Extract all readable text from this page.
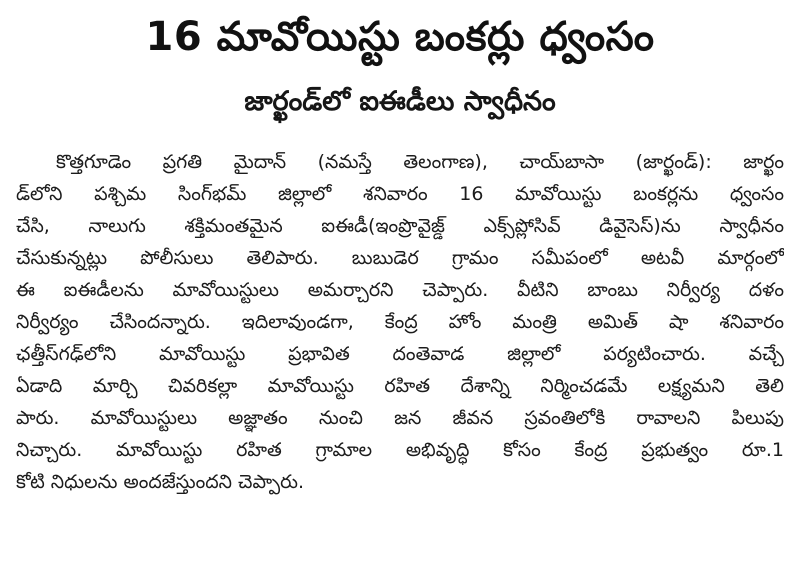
16 మావోయిస్టు బంకర్లు ధ్వంసం
జార్ఖండ్‌లో ఐఈడీలు స్వాధీనం
కొత్తగూడెం ప్రగతి మైదాన్ (నమస్తే తెలంగాణ), చాయ్‌బాసా (జార్ఖండ్): జార్ఖం
డ్‌లోని పశ్చిమ సింగ్‌భమ్ జిల్లాలో శనివారం 16 మావోయిస్టు బంకర్లను ధ్వంసం
చేసి, నాలుగు శక్తిమంతమైన ఐఈడీ(ఇంప్రొవైజ్డ్ ఎక్స్‌ప్లోసివ్ డివైసెస్)ను స్వాధీనం
చేసుకున్నట్లు పోలీసులు తెలిపారు. బుబుడెర గ్రామం సమీపంలో అటవీ మార్గంలో
ఈ ఐఈడీలను మావోయిస్టులు అమర్చారని చెప్పారు. వీటిని బాంబు నిర్వీర్య దళం
నిర్వీర్యం చేసిందన్నారు. ఇదిలావుండగా, కేంద్ర హోం మంత్రి అమిత్ షా శనివారం
ఛత్తీస్‌గఢ్‌లోని మావోయిస్టు ప్రభావిత దంతెవాడ జిల్లాలో పర్యటించారు. వచ్చే
ఏడాది మార్చి చివరికల్లా మావోయిస్టు రహిత దేశాన్ని నిర్మించడమే లక్ష్యమని తెలి
పారు. మావోయిస్టులు అజ్ఞాతం నుంచి జన జీవన స్రవంతిలోకి రావాలని పిలుపు
నిచ్చారు. మావోయిస్టు రహిత గ్రామాల అభివృద్ధి కోసం కేంద్ర ప్రభుత్వం రూ.1
కోటి నిధులను అందజేస్తుందని చెప్పారు.
